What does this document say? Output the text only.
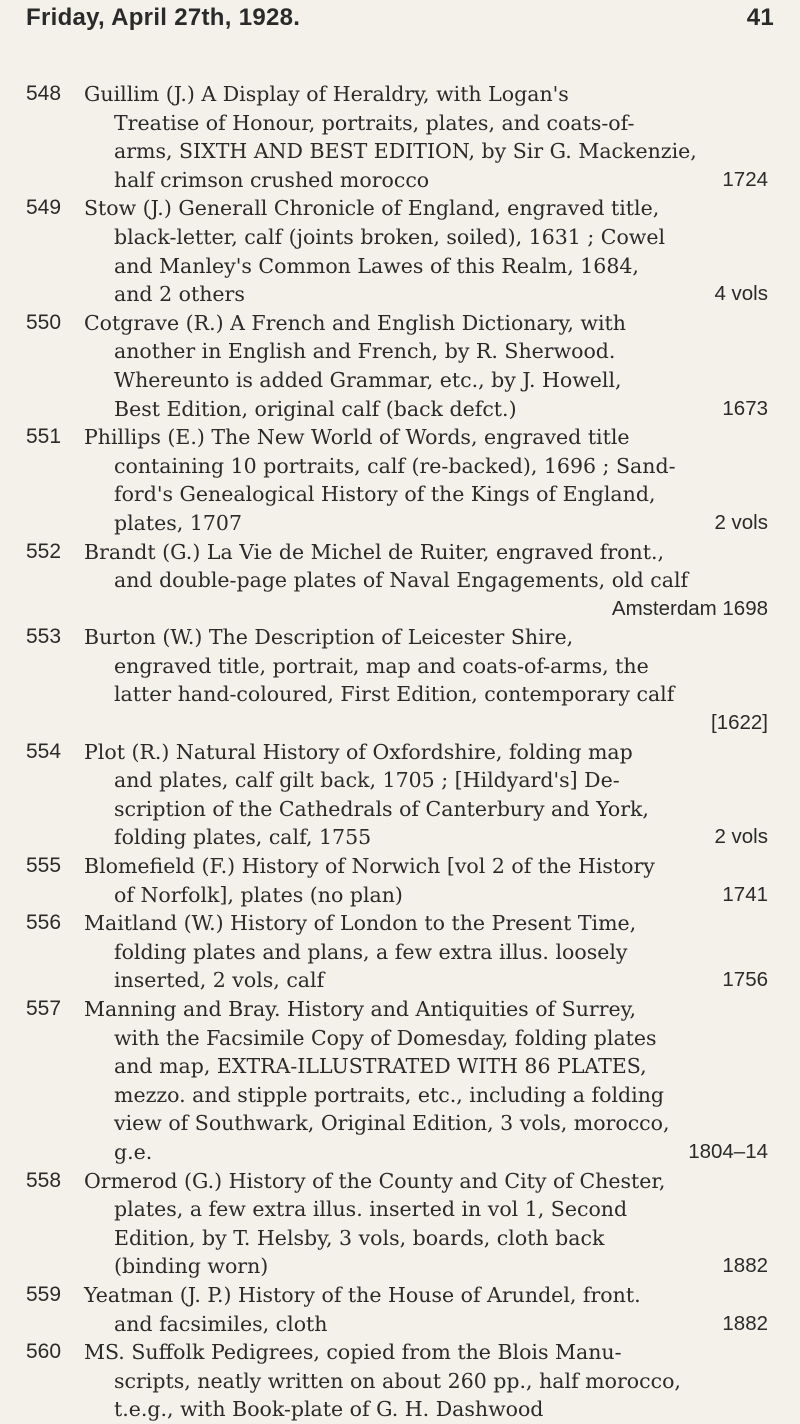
Friday, April 27th, 1928.	41
548	Guillim (J.) A Display of Heraldry, with Logan's
Treatise of Honour, portraits, plates, and coats-of-
arms, SIXTH AND BEST EDITION, by Sir G. Mackenzie,
half crimson crushed morocco	1724
549	Stow (J.) Generall Chronicle of England, engraved title,
black-letter, calf (joints broken, soiled), 1631 ; Cowel
and Manley's Common Lawes of this Realm, 1684,
and 2 others	4 vols
550	Cotgrave (R.) A French and English Dictionary, with
another in English and French, by R. Sherwood.
Whereunto is added Grammar, etc., by J. Howell,
Best Edition, original calf (back defct.)	1673
551	Phillips (E.) The New World of Words, engraved title
containing 10 portraits, calf (re-backed), 1696 ; Sand-
ford's Genealogical History of the Kings of England,
plates, 1707	2 vols
552	Brandt (G.) La Vie de Michel de Ruiter, engraved front.,
and double-page plates of Naval Engagements, old calf
Amsterdam 1698
553	Burton (W.) The Description of Leicester Shire,
engraved title, portrait, map and coats-of-arms, the
latter hand-coloured, First Edition, contemporary calf
[1622]
554	Plot (R.) Natural History of Oxfordshire, folding map
and plates, calf gilt back, 1705 ; [Hildyard's] De-
scription of the Cathedrals of Canterbury and York,
folding plates, calf, 1755	2 vols
555	Blomefield (F.) History of Norwich [vol 2 of the History
of Norfolk], plates (no plan)	1741
556	Maitland (W.) History of London to the Present Time,
folding plates and plans, a few extra illus. loosely
inserted, 2 vols, calf	1756
557	Manning and Bray. History and Antiquities of Surrey,
with the Facsimile Copy of Domesday, folding plates
and map, EXTRA-ILLUSTRATED WITH 86 PLATES,
mezzo. and stipple portraits, etc., including a folding
view of Southwark, Original Edition, 3 vols, morocco,
g.e.	1804–14
558	Ormerod (G.) History of the County and City of Chester,
plates, a few extra illus. inserted in vol 1, Second
Edition, by T. Helsby, 3 vols, boards, cloth back
(binding worn)	1882
559	Yeatman (J. P.) History of the House of Arundel, front.
and facsimiles, cloth	1882
560	MS. Suffolk Pedigrees, copied from the Blois Manu-
scripts, neatly written on about 260 pp., half morocco,
t.e.g., with Book-plate of G. H. Dashwood
